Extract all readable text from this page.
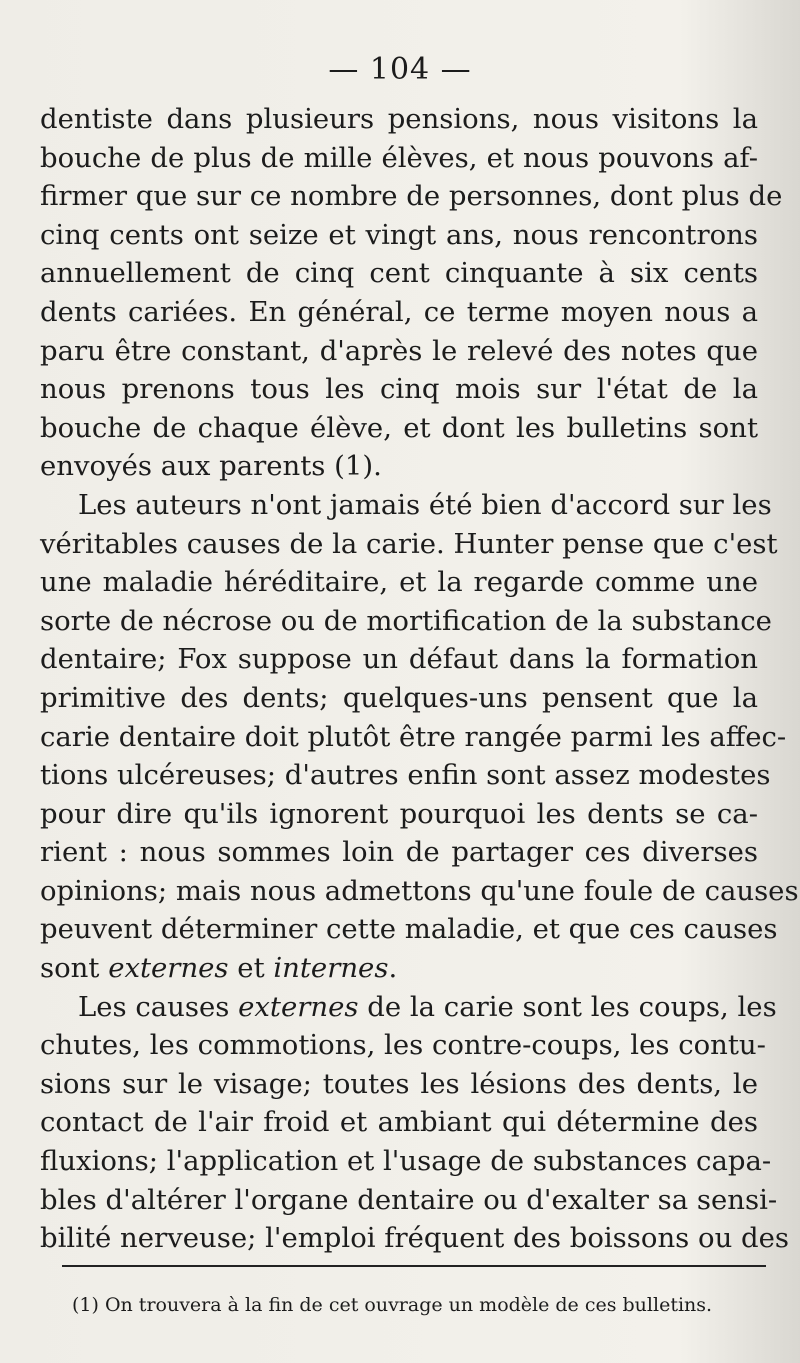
— 104 —
dentiste dans plusieurs pensions, nous visitons la
bouche de plus de mille élèves, et nous pouvons af-
firmer que sur ce nombre de personnes, dont plus de
cinq cents ont seize et vingt ans, nous rencontrons
annuellement de cinq cent cinquante à six cents
dents cariées. En général, ce terme moyen nous a
paru être constant, d'après le relevé des notes que
nous prenons tous les cinq mois sur l'état de la
bouche de chaque élève, et dont les bulletins sont
envoyés aux parents (1).
Les auteurs n'ont jamais été bien d'accord sur les
véritables causes de la carie. Hunter pense que c'est
une maladie héréditaire, et la regarde comme une
sorte de nécrose ou de mortification de la substance
dentaire; Fox suppose un défaut dans la formation
primitive des dents; quelques-uns pensent que la
carie dentaire doit plutôt être rangée parmi les affec-
tions ulcéreuses; d'autres enfin sont assez modestes
pour dire qu'ils ignorent pourquoi les dents se ca-
rient : nous sommes loin de partager ces diverses
opinions; mais nous admettons qu'une foule de causes
peuvent déterminer cette maladie, et que ces causes
sont externes et internes.
Les causes externes de la carie sont les coups, les
chutes, les commotions, les contre-coups, les contu-
sions sur le visage; toutes les lésions des dents, le
contact de l'air froid et ambiant qui détermine des
fluxions; l'application et l'usage de substances capa-
bles d'altérer l'organe dentaire ou d'exalter sa sensi-
bilité nerveuse; l'emploi fréquent des boissons ou des
(1) On trouvera à la fin de cet ouvrage un modèle de ces bulletins.
